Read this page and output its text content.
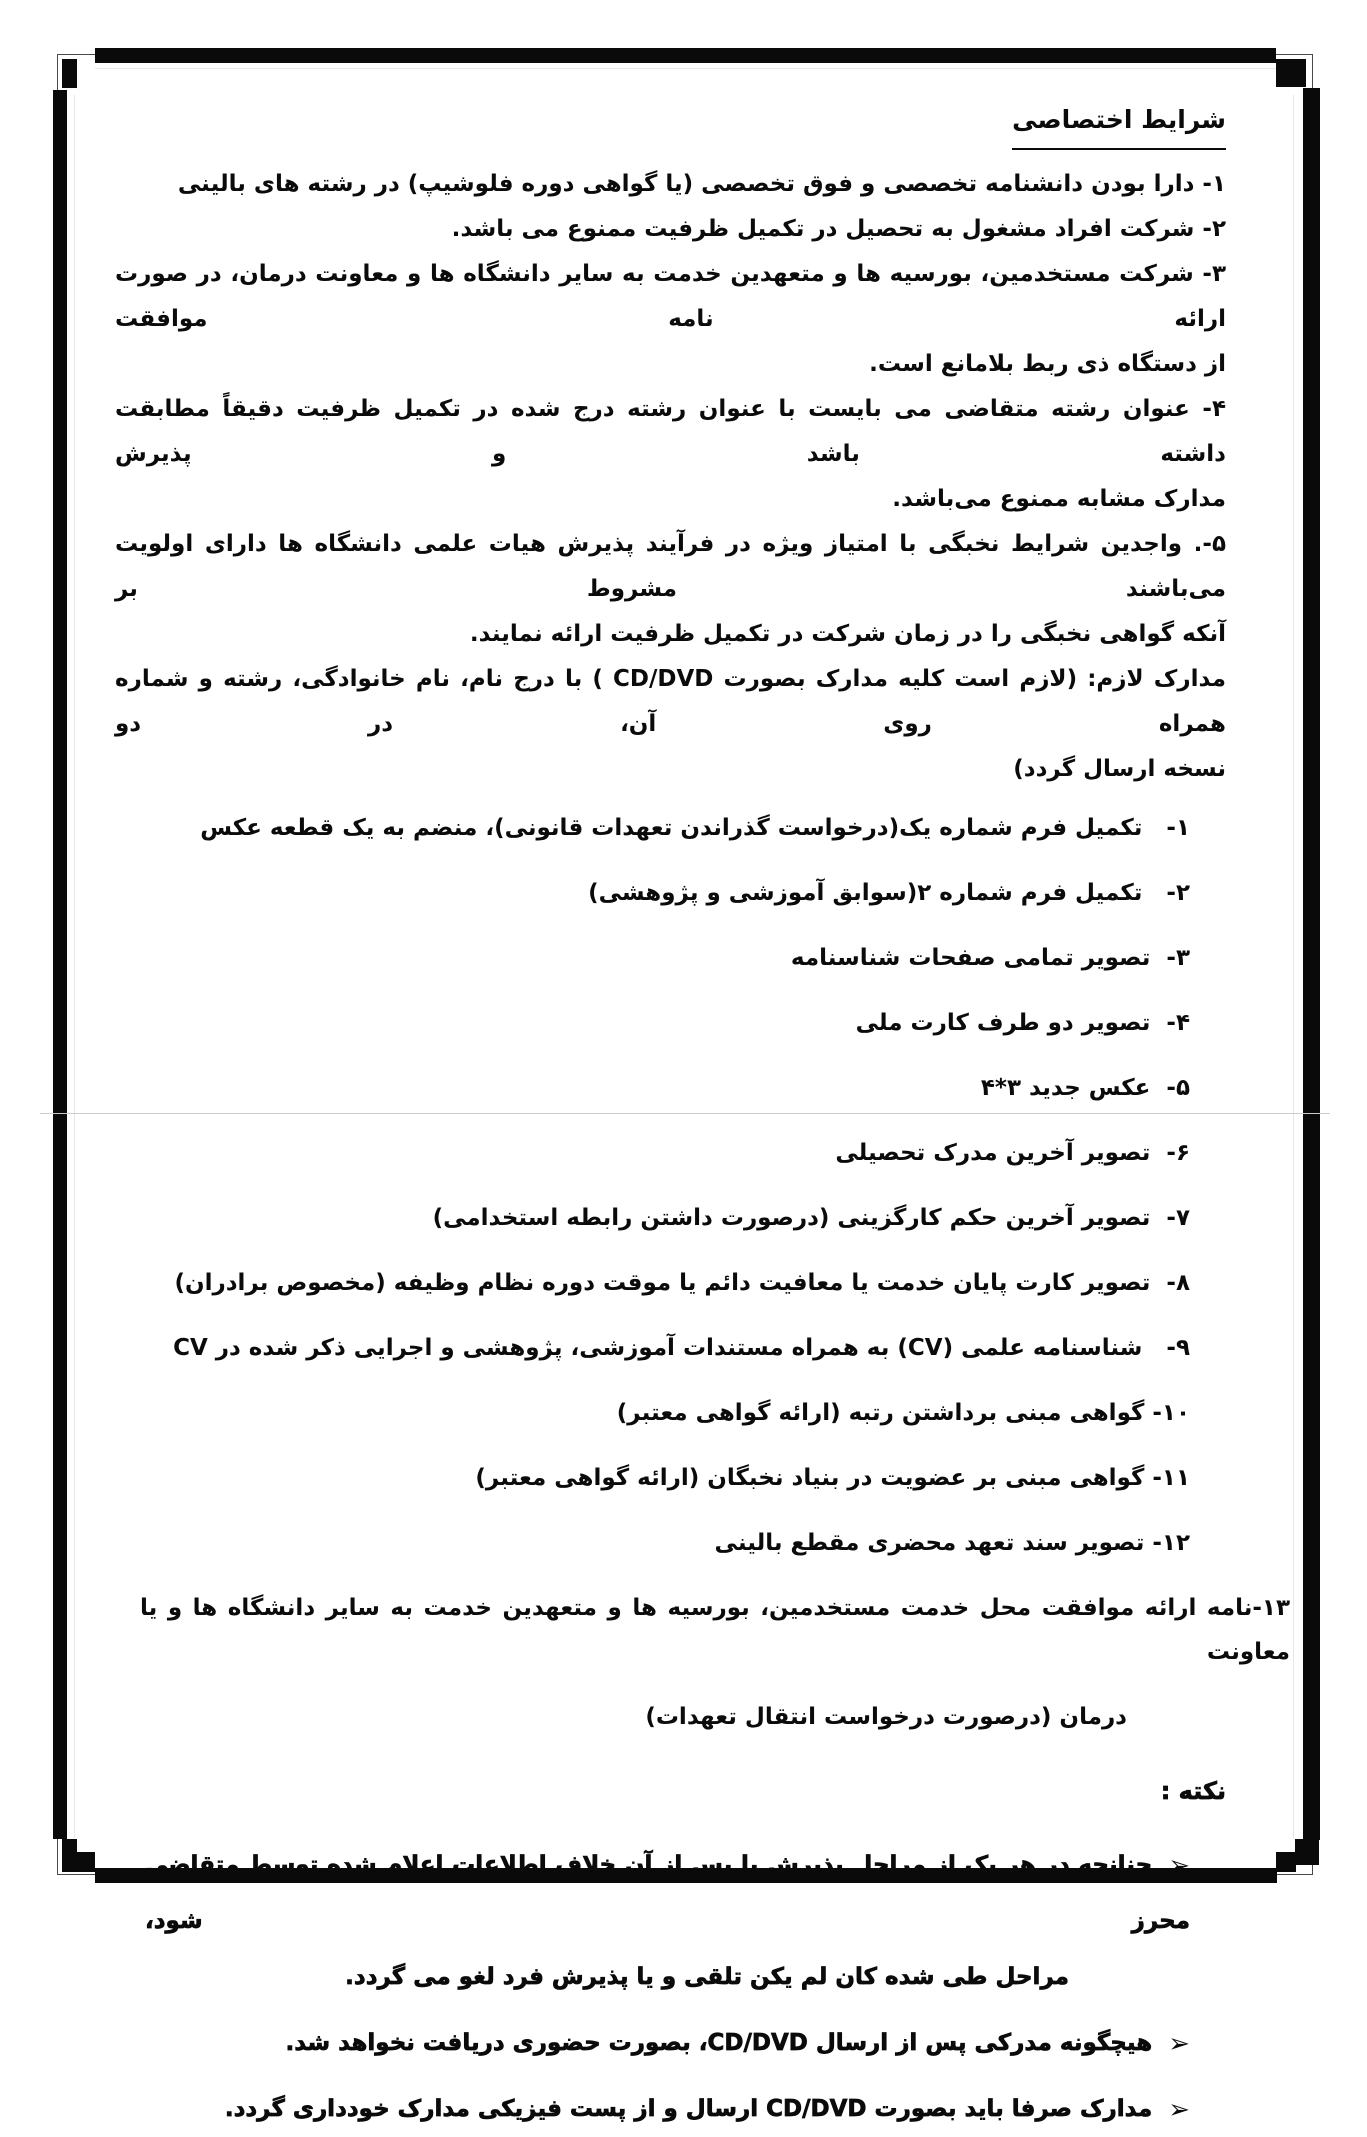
شرایط اختصاصی

۱- دارا بودن دانشنامه تخصصی و فوق تخصصی (یا گواهی دوره فلوشیپ) در رشته های بالینی

۲- شرکت افراد مشغول به تحصیل در تکمیل ظرفیت ممنوع می باشد.

۳- شرکت مستخدمین، بورسیه ها و متعهدین خدمت به سایر دانشگاه ها و معاونت درمان، در صورت ارائه نامه موافقت

از دستگاه ذی ربط بلامانع است.

۴- عنوان رشته متقاضی می بایست با عنوان رشته درج شده در تکمیل ظرفیت دقیقاً مطابقت داشته باشد و پذیرش

مدارک مشابه ممنوع می‌باشد.

۵-. واجدین شرایط نخبگی با امتیاز ویژه در فرآیند پذیرش هیات علمی دانشگاه ها دارای اولویت می‌باشند مشروط بر

آنکه گواهی نخبگی را در زمان شرکت در تکمیل ظرفیت ارائه نمایند.

مدارک لازم: (لازم است کلیه مدارک بصورت CD/DVD ) با درج نام، نام خانوادگی، رشته و شماره همراه روی آن، در دو

نسخه ارسال گردد)

۱-   تکمیل فرم شماره یک(درخواست گذراندن تعهدات قانونی)، منضم به یک قطعه عکس

۲-   تکمیل فرم شماره ۲(سوابق آموزشی و پژوهشی)

۳-  تصویر تمامی صفحات شناسنامه

۴-  تصویر دو طرف کارت ملی

۵-  عکس جدید ۳*۴

۶-  تصویر آخرین مدرک تحصیلی

۷-  تصویر آخرین حکم کارگزینی (درصورت داشتن رابطه استخدامی)

۸-  تصویر کارت پایان خدمت یا معافیت دائم یا موقت دوره نظام وظیفه (مخصوص برادران)

۹-   شناسنامه علمی (CV) به همراه مستندات آموزشی، پژوهشی و اجرایی ذکر شده در CV

۱۰- گواهی مبنی برداشتن رتبه (ارائه گواهی معتبر)

۱۱- گواهی مبنی بر عضویت در بنیاد نخبگان (ارائه گواهی معتبر)

۱۲- تصویر سند تعهد محضری مقطع بالینی

۱۳-نامه ارائه موافقت محل خدمت مستخدمین، بورسیه ها و متعهدین خدمت به سایر دانشگاه ها و یا معاونت

درمان (درصورت درخواست انتقال تعهدات)

نکته :

➢چنانچه در هر یک از مراحل پذیرش یا پس از آن خلاف اطلاعات اعلام شده توسط متقاضی محرز شود،

مراحل طی شده کان لم یکن تلقی و یا پذیرش فرد لغو می گردد.

➢هیچگونه مدرکی پس از ارسال CD/DVD، بصورت حضوری دریافت نخواهد شد.

➢مدارک صرفا باید بصورت CD/DVD ارسال و از پست فیزیکی مدارک خودداری گردد.
